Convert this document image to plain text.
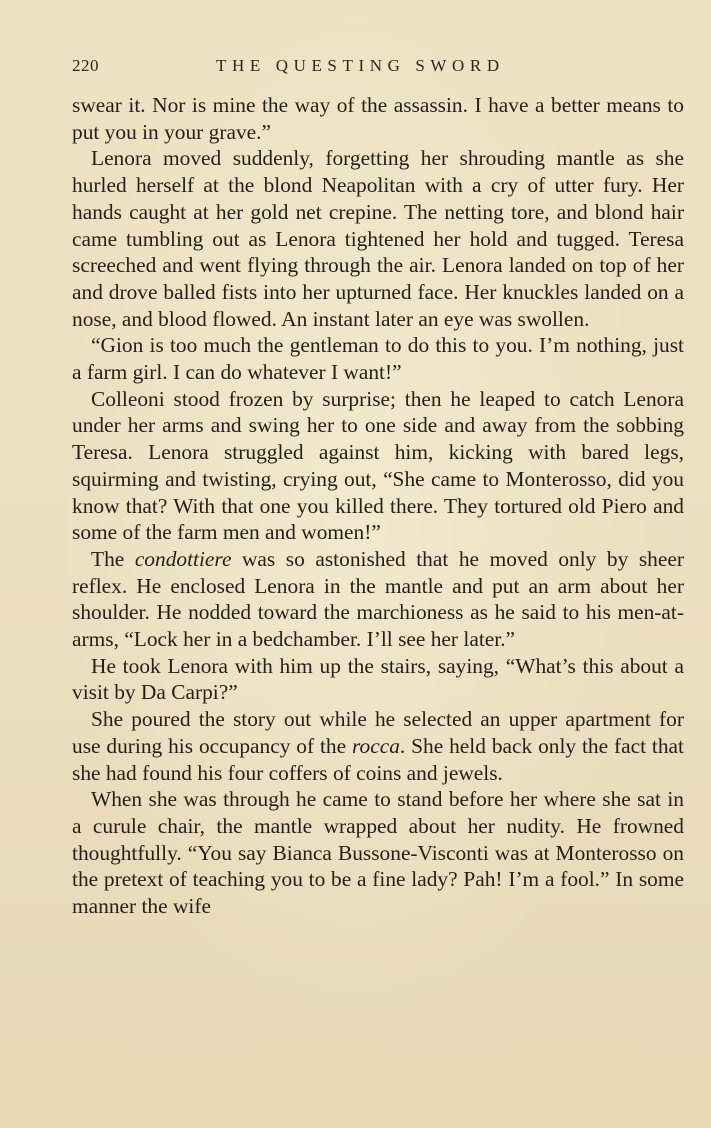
220	THE QUESTING SWORD

swear it. Nor is mine the way of the assassin. I have a better means to put you in your grave.”

Lenora moved suddenly, forgetting her shrouding mantle as she hurled herself at the blond Neapolitan with a cry of utter fury. Her hands caught at her gold net crepine. The netting tore, and blond hair came tumbling out as Lenora tightened her hold and tugged. Teresa screeched and went flying through the air. Lenora landed on top of her and drove balled fists into her upturned face. Her knuckles landed on a nose, and blood flowed. An instant later an eye was swollen.

“Gion is too much the gentleman to do this to you. I’m nothing, just a farm girl. I can do whatever I want!”

Colleoni stood frozen by surprise; then he leaped to catch Lenora under her arms and swing her to one side and away from the sobbing Teresa. Lenora struggled against him, kicking with bared legs, squirming and twisting, crying out, “She came to Monterosso, did you know that? With that one you killed there. They tortured old Piero and some of the farm men and women!”

The condottiere was so astonished that he moved only by sheer reflex. He enclosed Lenora in the mantle and put an arm about her shoulder. He nodded toward the marchioness as he said to his men-at-arms, “Lock her in a bedchamber. I’ll see her later.”

He took Lenora with him up the stairs, saying, “What’s this about a visit by Da Carpi?”

She poured the story out while he selected an upper apartment for use during his occupancy of the rocca. She held back only the fact that she had found his four coffers of coins and jewels.

When she was through he came to stand before her where she sat in a curule chair, the mantle wrapped about her nudity. He frowned thoughtfully. “You say Bianca Bussone-Visconti was at Monterosso on the pretext of teaching you to be a fine lady? Pah! I’m a fool.” In some manner the wife
